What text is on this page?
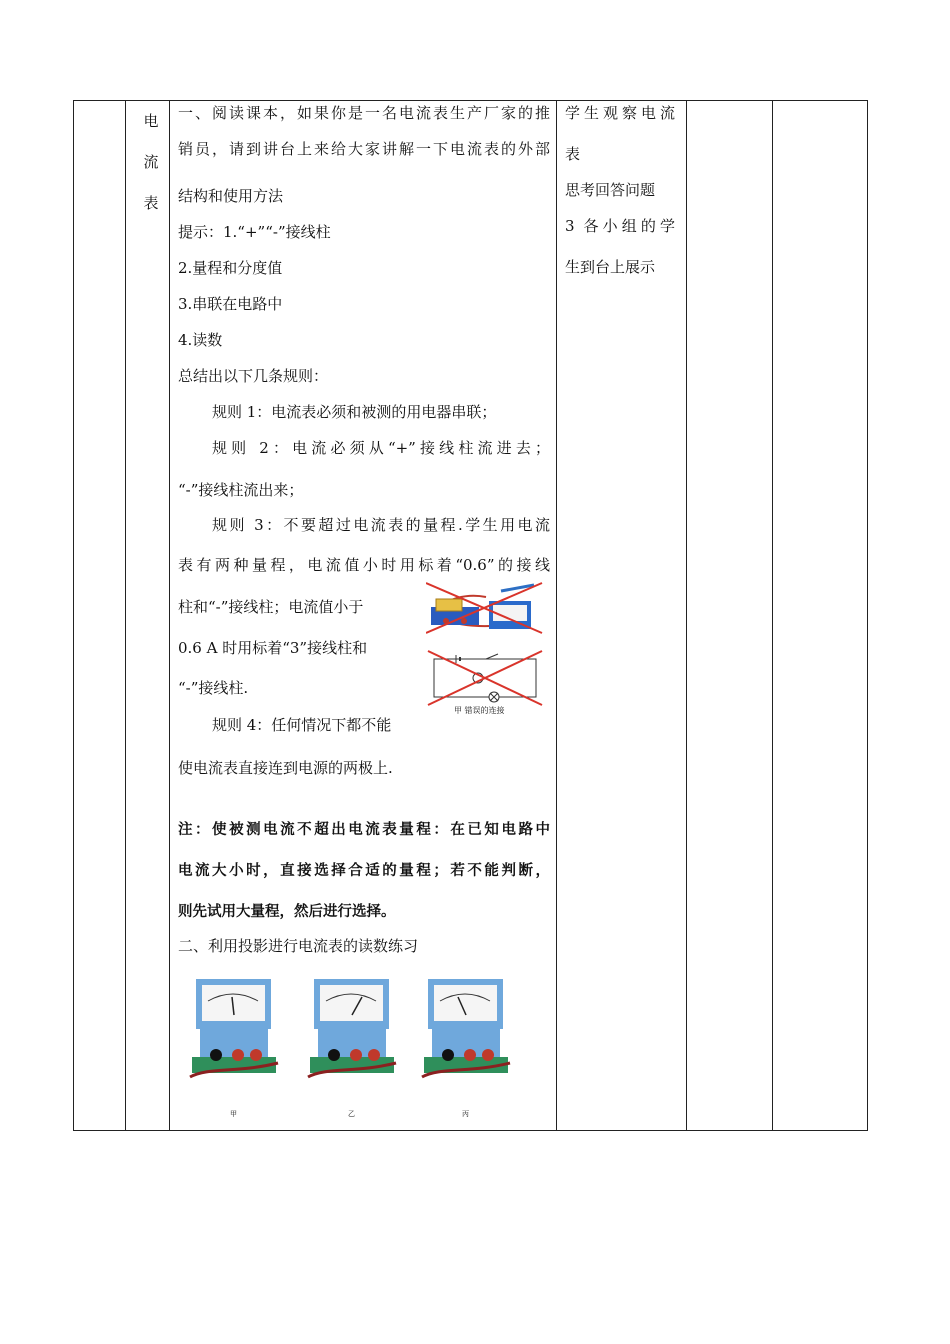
电
流
表
一、阅读课本，如果你是一名电流表生产厂家的推
销员，请到讲台上来给大家讲解一下电流表的外部
结构和使用方法
提示：1.“+”“-”接线柱
2.量程和分度值
3.串联在电路中
4.读数
总结出以下几条规则：
规则 1：电流表必须和被测的用电器串联；
规则 2：电流必须从“+”接线柱流进去；
“-”接线柱流出来；
规则 3：不要超过电流表的量程.学生用电流
表有两种量程，电流值小时用标着“0.6”的接线
柱和“-”接线柱；电流值小于
0.6 A 时用标着“3”接线柱和
“-”接线柱.
规则 4：任何情况下都不能
使电流表直接连到电源的两极上.
注：使被测电流不超出电流表量程：在已知电路中
电流大小时，直接选择合适的量程；若不能判断，
则先试用大量程，然后进行选择。
二、利用投影进行电流表的读数练习
甲 错误的连接
甲	乙	丙
学生观察电流
表
思考回答问题
3 各小组的学
生到台上展示
